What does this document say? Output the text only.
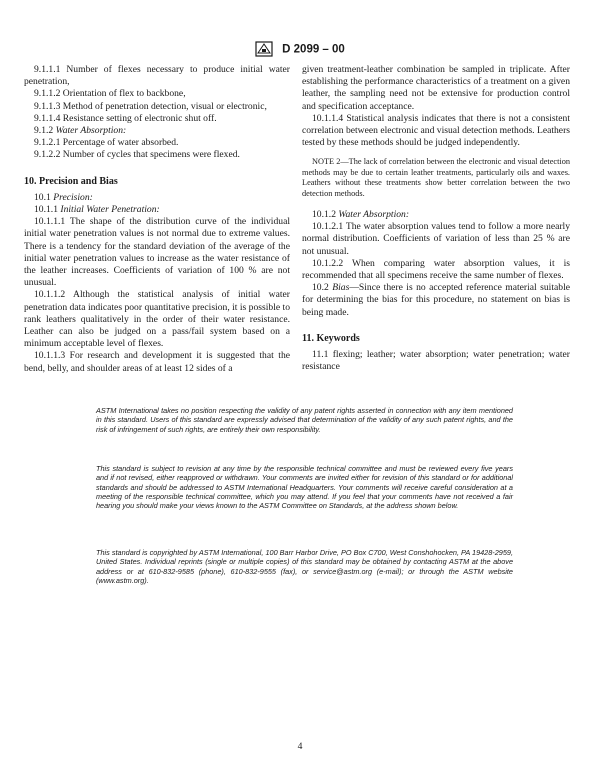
D 2099 – 00

9.1.1.1 Number of flexes necessary to produce initial water penetration,

9.1.1.2 Orientation of flex to backbone,

9.1.1.3 Method of penetration detection, visual or electronic,

9.1.1.4 Resistance setting of electronic shut off.

9.1.2 Water Absorption:

9.1.2.1 Percentage of water absorbed.

9.1.2.2 Number of cycles that specimens were flexed.

10. Precision and Bias

10.1 Precision:

10.1.1 Initial Water Penetration:

10.1.1.1 The shape of the distribution curve of the individual initial water penetration values is not normal due to extreme values. There is a tendency for the standard deviation of the average of the initial water penetration values to increase as the water resistance of the leather increases. Coefficients of variation of 100 % are not unusual.

10.1.1.2 Although the statistical analysis of initial water penetration data indicates poor quantitative precision, it is possible to rank leathers qualitatively in the order of their water resistance. Leather can also be judged on a pass/fail system based on a minimum acceptable level of flexes.

10.1.1.3 For research and development it is suggested that the bend, belly, and shoulder areas of at least 12 sides of a

given treatment-leather combination be sampled in triplicate. After establishing the performance characteristics of a treatment on a given leather, the sampling need not be extensive for production control and specification acceptance.

10.1.1.4 Statistical analysis indicates that there is not a consistent correlation between electronic and visual detection methods. Leathers tested by these methods should be judged independently.

NOTE 2—The lack of correlation between the electronic and visual detection methods may be due to certain leather treatments, particularly oils and waxes. Leathers without these treatments show better correlation between the two detection methods.

10.1.2 Water Absorption:

10.1.2.1 The water absorption values tend to follow a more nearly normal distribution. Coefficients of variation of less than 25 % are not unusual.

10.1.2.2 When comparing water absorption values, it is recommended that all specimens receive the same number of flexes.

10.2 Bias—Since there is no accepted reference material suitable for determining the bias for this procedure, no statement on bias is being made.

11. Keywords

11.1 flexing; leather; water absorption; water penetration; water resistance

ASTM International takes no position respecting the validity of any patent rights asserted in connection with any item mentioned in this standard. Users of this standard are expressly advised that determination of the validity of any such patent rights, and the risk of infringement of such rights, are entirely their own responsibility.
This standard is subject to revision at any time by the responsible technical committee and must be reviewed every five years and if not revised, either reapproved or withdrawn. Your comments are invited either for revision of this standard or for additional standards and should be addressed to ASTM International Headquarters. Your comments will receive careful consideration at a meeting of the responsible technical committee, which you may attend. If you feel that your comments have not received a fair hearing you should make your views known to the ASTM Committee on Standards, at the address shown below.
This standard is copyrighted by ASTM International, 100 Barr Harbor Drive, PO Box C700, West Conshohocken, PA 19428-2959, United States. Individual reprints (single or multiple copies) of this standard may be obtained by contacting ASTM at the above address or at 610-832-9585 (phone), 610-832-9555 (fax), or service@astm.org (e-mail); or through the ASTM website (www.astm.org).
4
